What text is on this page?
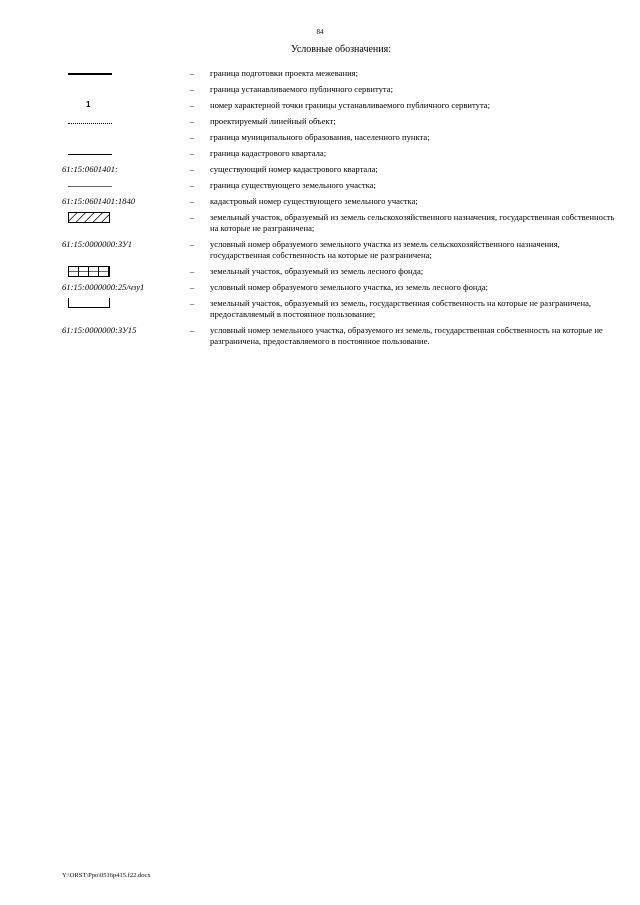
84
Условные обозначения:
–	граница подготовки проекта межевания;
–	граница устанавливаемого публичного сервитута;
1	–	номер характерной точки границы устанавливаемого публичного сервитута;
–	проектируемый линейный объект;
–	граница муниципального образования, населенного пункта;
–	граница кадастрового квартала;
61:15:0601401:	–	существующий номер кадастрового квартала;
–	граница существующего земельного участка;
61:15:0601401:1840	–	кадастровый номер существующего земельного участка;
–	земельный участок, образуемый из земель сельскохозяйственного назначения, государственная собственность на которые не разграничена;
61:15:0000000:ЗУ1	–	условный номер образуемого земельного участка из земель сельскохозяйственного назначения, государственная собственность на которые не разграничена;
–	земельный участок, образуемый из земель лесного фонда;
61:15:0000000:25/чзу1	–	условный номер образуемого земельного участка, из земель лесного фонда;
–	земельный участок, образуемый из земель, государственная собственность на которые не разграничена, предоставляемый в постоянное пользование;
61:15:0000000:ЗУ15	–	условный номер земельного участка, образуемого из земель, государственная собственность на которые не разграничена, предоставляемого в постоянное пользование.
Y:\ORST\Ppo\0516p415.f22.docx
